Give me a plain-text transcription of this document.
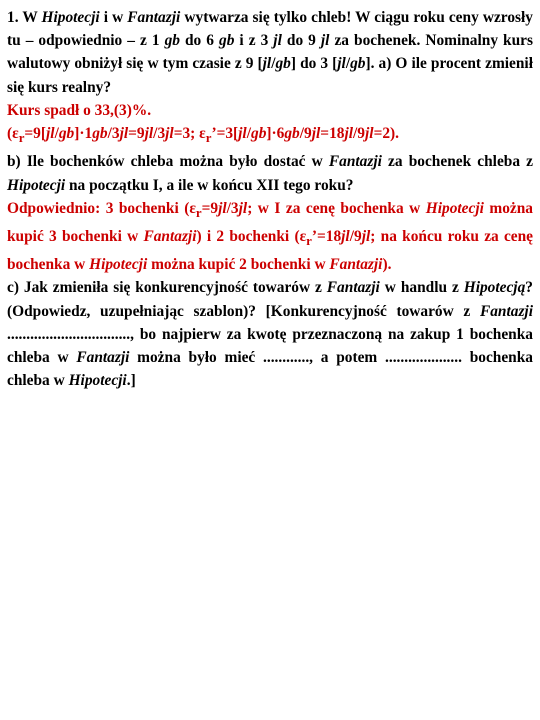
1. W Hipotecji i w Fantazji wytwarza się tylko chleb! W ciągu roku ceny wzrosły tu – odpowiednio – z 1 gb do 6 gb i z 3 jl do 9 jl za bochenek. Nominalny kurs walutowy obniżył się w tym czasie z 9 [jl/gb] do 3 [jl/gb]. a) O ile procent zmienił się kurs realny?

Kurs spadł o 33,(3)%.

($\varepsilon_r=9[jl/gb]\cdot 1gb/3jl=9jl/3jl=3$; $\varepsilon_r’=3[jl/gb]\cdot 6gb/9jl=18jl/9jl=2$).

b) Ile bochenków chleba można było dostać w Fantazji za bochenek chleba z Hipotecji na początku I, a ile w końcu XII tego roku?

Odpowiednio: 3 bochenki ($\varepsilon_r=9jl/3jl$; w I za cenę bochenka w Hipotecji można kupić 3 bochenki w Fantazji) i 2 bochenki ($\varepsilon_r’=18jl/9jl$; na końcu roku za cenę bochenka w Hipotecji można kupić 2 bochenki w Fantazji).

c) Jak zmieniła się konkurencyjność towarów z Fantazji w handlu z Hipotecją? (Odpowiedz, uzupełniając szablon)? [Konkurencyjność towarów z Fantazji ................................, bo najpierw za kwotę przeznaczoną na zakup 1 bochenka chleba w Fantazji można było mieć ............, a potem .................... bochenka chleba w Hipotecji.]
